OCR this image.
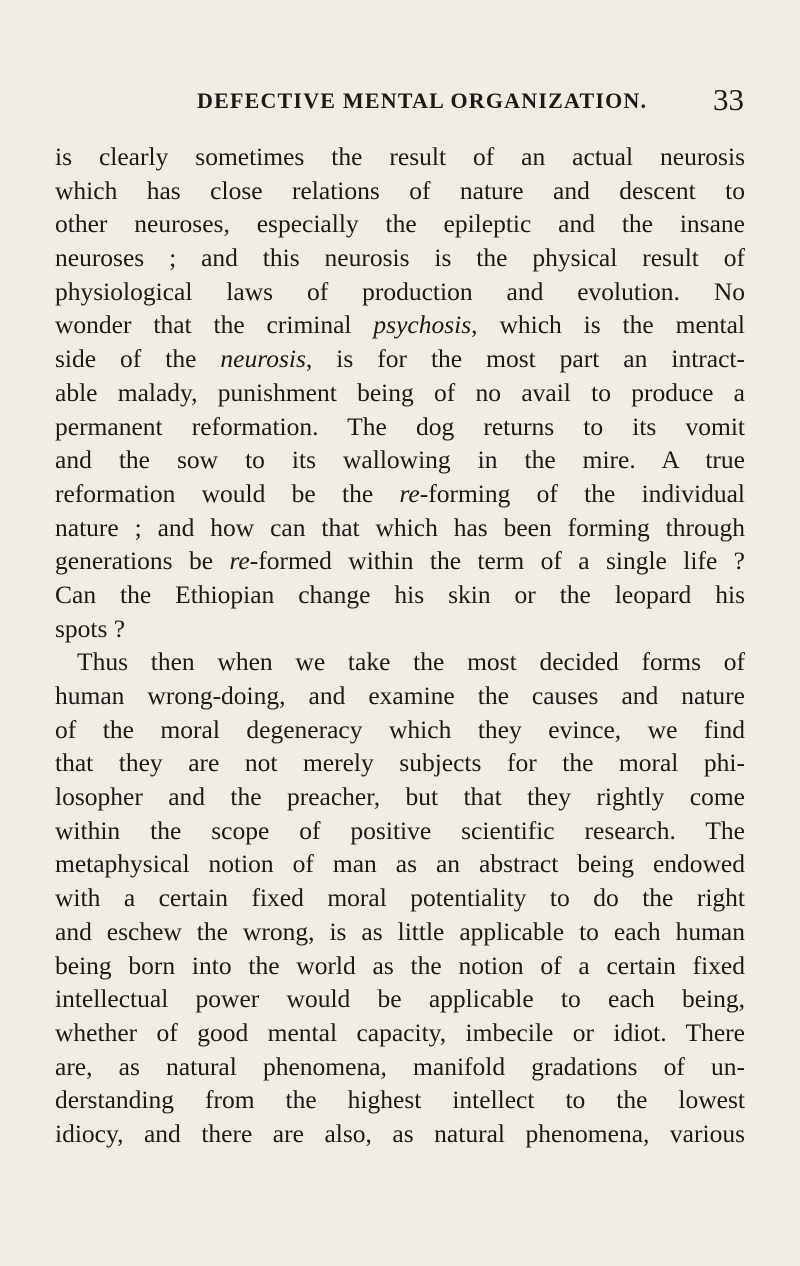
DEFECTIVE MENTAL ORGANIZATION. 33
is clearly sometimes the result of an actual neurosis
which has close relations of nature and descent to
other neuroses, especially the epileptic and the insane
neuroses ; and this neurosis is the physical result of
physiological laws of production and evolution. No
wonder that the criminal psychosis, which is the mental
side of the neurosis, is for the most part an intract-
able malady, punishment being of no avail to produce a
permanent reformation. The dog returns to its vomit
and the sow to its wallowing in the mire. A true
reformation would be the re-forming of the individual
nature ; and how can that which has been forming through
generations be re-formed within the term of a single life ?
Can the Ethiopian change his skin or the leopard his
spots ?
Thus then when we take the most decided forms of
human wrong-doing, and examine the causes and nature
of the moral degeneracy which they evince, we find
that they are not merely subjects for the moral phi-
losopher and the preacher, but that they rightly come
within the scope of positive scientific research. The
metaphysical notion of man as an abstract being endowed
with a certain fixed moral potentiality to do the right
and eschew the wrong, is as little applicable to each human
being born into the world as the notion of a certain fixed
intellectual power would be applicable to each being,
whether of good mental capacity, imbecile or idiot. There
are, as natural phenomena, manifold gradations of un-
derstanding from the highest intellect to the lowest
idiocy, and there are also, as natural phenomena, various
